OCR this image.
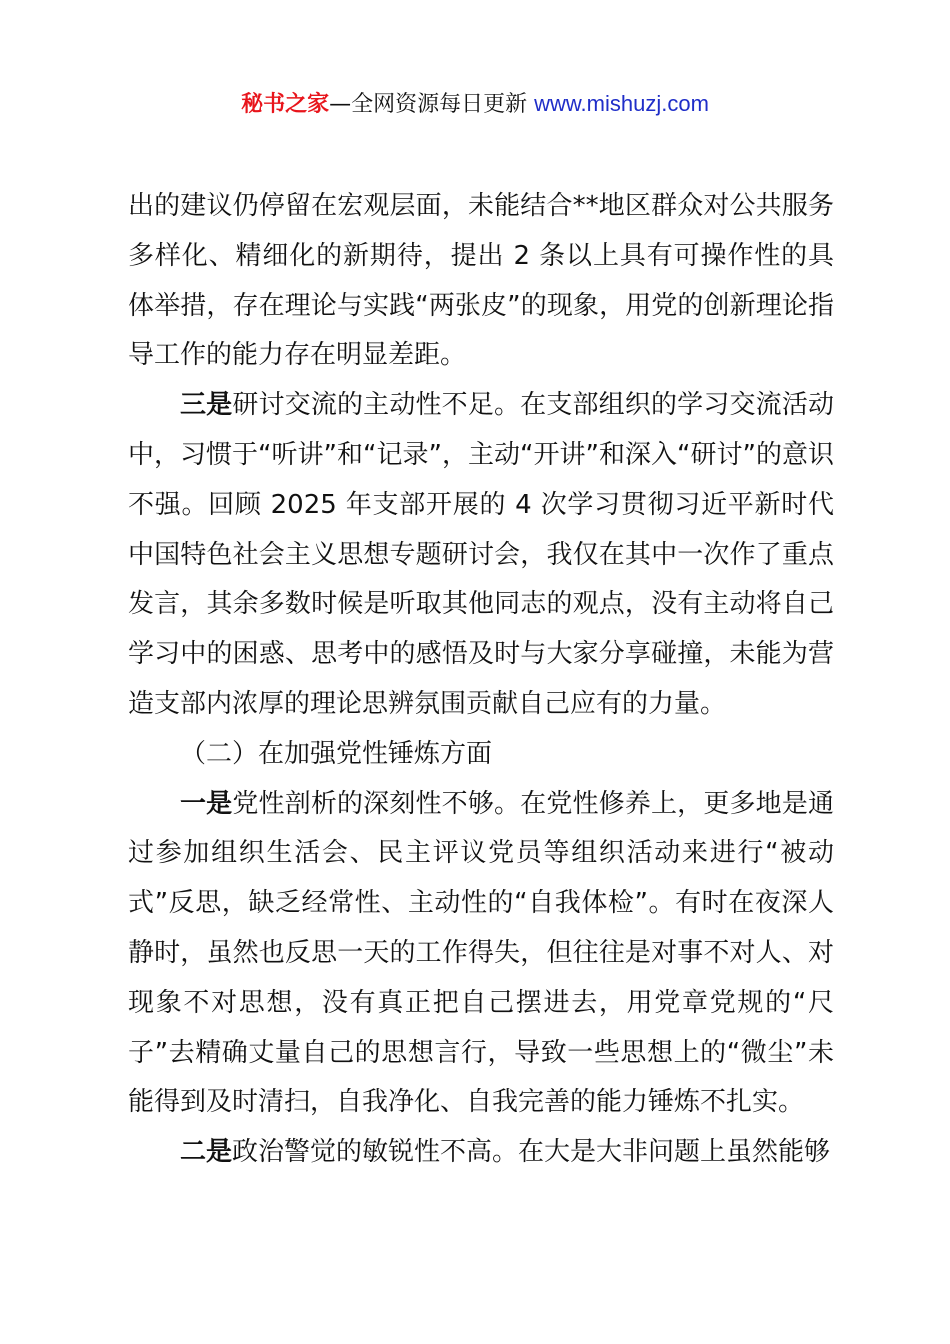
秘书之家—全网资源每日更新 www.mishuzj.com

出的建议仍停留在宏观层面，未能结合**地区群众对公共服务多样化、精细化的新期待，提出 2 条以上具有可操作性的具体举措，存在理论与实践“两张皮”的现象，用党的创新理论指导工作的能力存在明显差距。

三是研讨交流的主动性不足。在支部组织的学习交流活动中，习惯于“听讲”和“记录”，主动“开讲”和深入“研讨”的意识不强。回顾 2025 年支部开展的 4 次学习贯彻习近平新时代中国特色社会主义思想专题研讨会，我仅在其中一次作了重点发言，其余多数时候是听取其他同志的观点，没有主动将自己学习中的困惑、思考中的感悟及时与大家分享碰撞，未能为营造支部内浓厚的理论思辨氛围贡献自己应有的力量。

（二）在加强党性锤炼方面

一是党性剖析的深刻性不够。在党性修养上，更多地是通过参加组织生活会、民主评议党员等组织活动来进行“被动式”反思，缺乏经常性、主动性的“自我体检”。有时在夜深人静时，虽然也反思一天的工作得失，但往往是对事不对人、对现象不对思想，没有真正把自己摆进去，用党章党规的“尺子”去精确丈量自己的思想言行，导致一些思想上的“微尘”未能得到及时清扫，自我净化、自我完善的能力锤炼不扎实。

二是政治警觉的敏锐性不高。在大是大非问题上虽然能够
